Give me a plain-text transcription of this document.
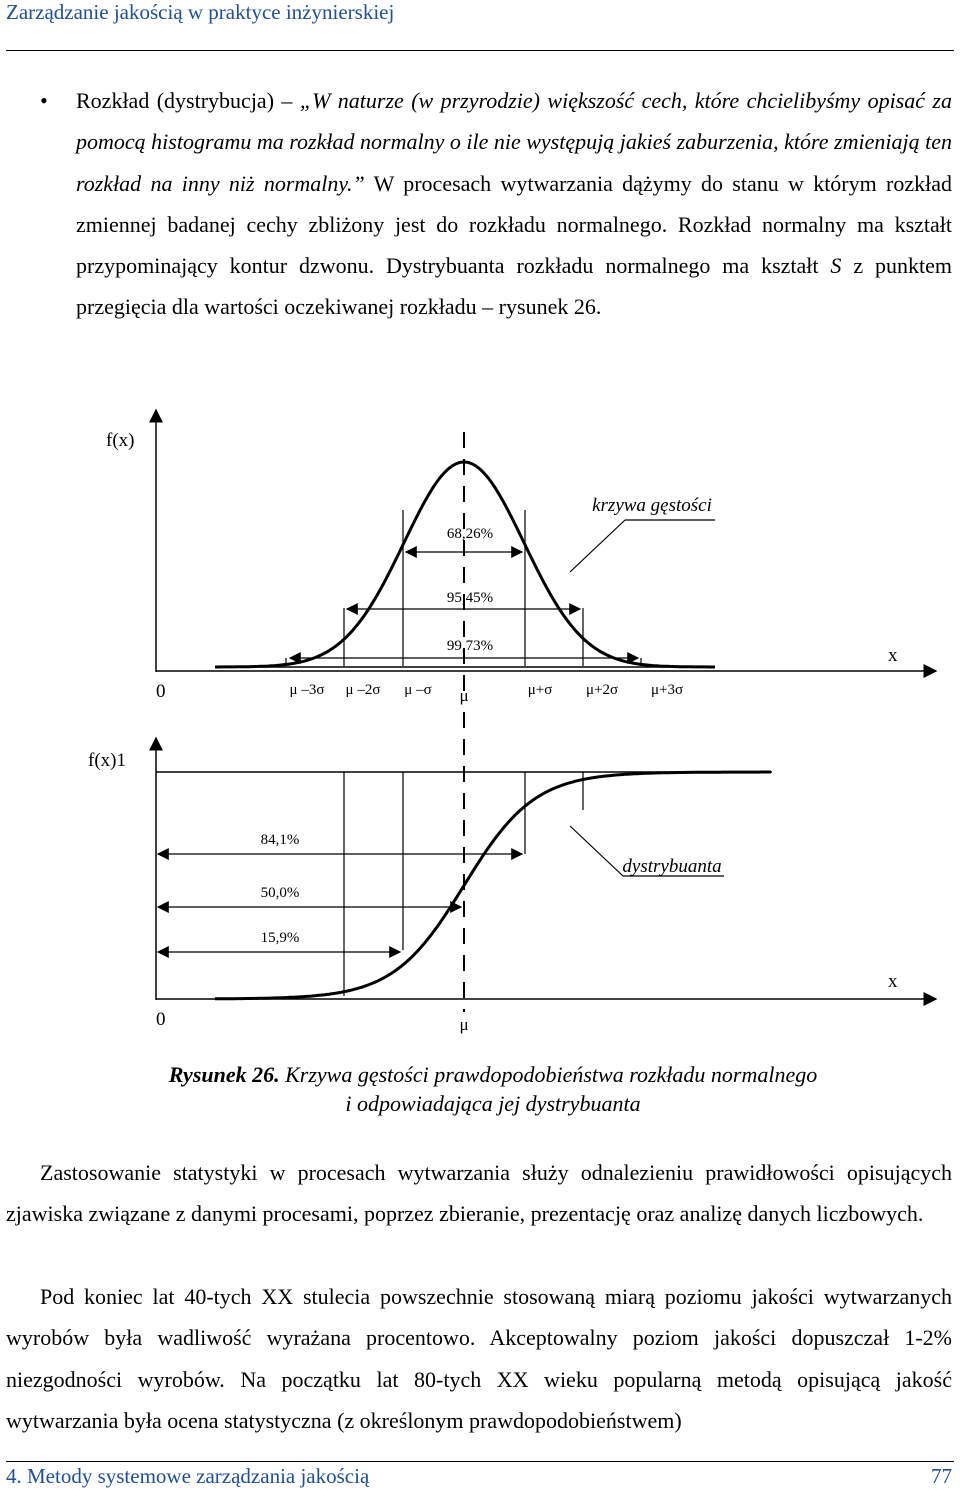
Zarządzanie jakością w praktyce inżynierskiej
• Rozkład (dystrybucja) – „W naturze (w przyrodzie) większość cech, które chcielibyśmy opisać za pomocą histogramu ma rozkład normalny o ile nie występują jakieś zaburzenia, które zmieniają ten rozkład na inny niż normalny.” W procesach wytwarzania dążymy do stanu w którym rozkład zmiennej badanej cechy zbliżony jest do rozkładu normalnego. Rozkład normalny ma kształt przypominający kontur dzwonu. Dystrybuanta rozkładu normalnego ma kształt S z punktem przegięcia dla wartości oczekiwanej rozkładu – rysunek 26.
68,26%
95,45%
99,73%
krzywa gęstości
f(x)
x
0	μ –3σ μ –2σ μ –σ μ	μ+σ μ+2σ μ+3σ
84,1%
50,0%
15,9%
dystrybuanta
f(x)1
x
0	μ
Rysunek 26. Krzywa gęstości prawdopodobieństwa rozkładu normalnego
i odpowiadająca jej dystrybuanta
Zastosowanie statystyki w procesach wytwarzania służy odnalezieniu prawidłowości opisujących zjawiska związane z danymi procesami, poprzez zbieranie, prezentację oraz analizę danych liczbowych.
Pod koniec lat 40-tych XX stulecia powszechnie stosowaną miarą poziomu jakości wytwarzanych wyrobów była wadliwość wyrażana procentowo. Akceptowalny poziom jakości dopuszczał 1-2% niezgodności wyrobów. Na początku lat 80-tych XX wieku popularną metodą opisującą jakość wytwarzania była ocena statystyczna (z określonym prawdopodobieństwem)
4. Metody systemowe zarządzania jakością	77
